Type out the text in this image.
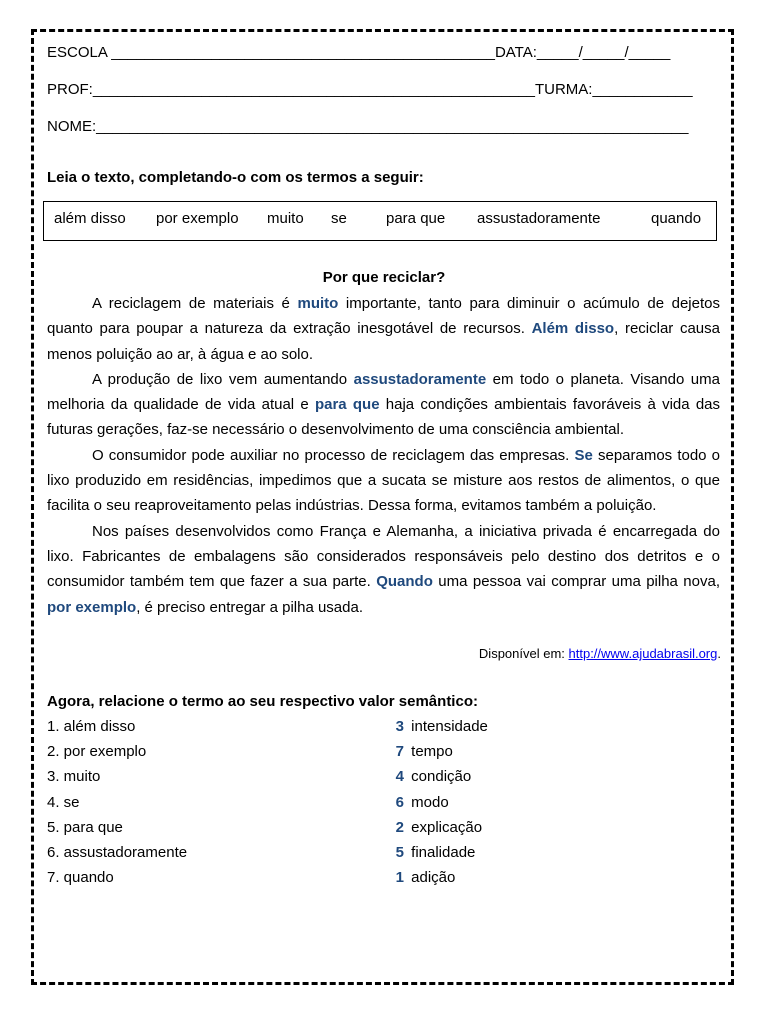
ESCOLA ______________________________________________DATA:_____/_____/_____
PROF:_____________________________________________________TURMA:____________
NOME:_______________________________________________________________________
Leia o texto, completando-o com os termos a seguir:
além disso por exemplo muito se	para que assustadoramente	quando
Por que reciclar?

A reciclagem de materiais é muito importante, tanto para diminuir o acúmulo de dejetos quanto para poupar a natureza da extração inesgotável de recursos. Além disso, reciclar causa menos poluição ao ar, à água e ao solo.

A produção de lixo vem aumentando assustadoramente em todo o planeta. Visando uma melhoria da qualidade de vida atual e para que haja condições ambientais favoráveis à vida das futuras gerações, faz-se necessário o desenvolvimento de uma consciência ambiental.

O consumidor pode auxiliar no processo de reciclagem das empresas. Se separamos todo o lixo produzido em residências, impedimos que a sucata se misture aos restos de alimentos, o que facilita o seu reaproveitamento pelas indústrias. Dessa forma, evitamos também a poluição.

Nos países desenvolvidos como França e Alemanha, a iniciativa privada é encarregada do lixo. Fabricantes de embalagens são considerados responsáveis pelo destino dos detritos e o consumidor também tem que fazer a sua parte. Quando uma pessoa vai comprar uma pilha nova, por exemplo, é preciso entregar a pilha usada.

Disponível em: http://www.ajudabrasil.org.
Agora, relacione o termo ao seu respectivo valor semântico:
1. além disso
2. por exemplo
3. muito
4. se
5. para que
6. assustadoramente
7. quando
3 intensidade
7 tempo
4 condição
6 modo
2 explicação
5 finalidade
1 adição
